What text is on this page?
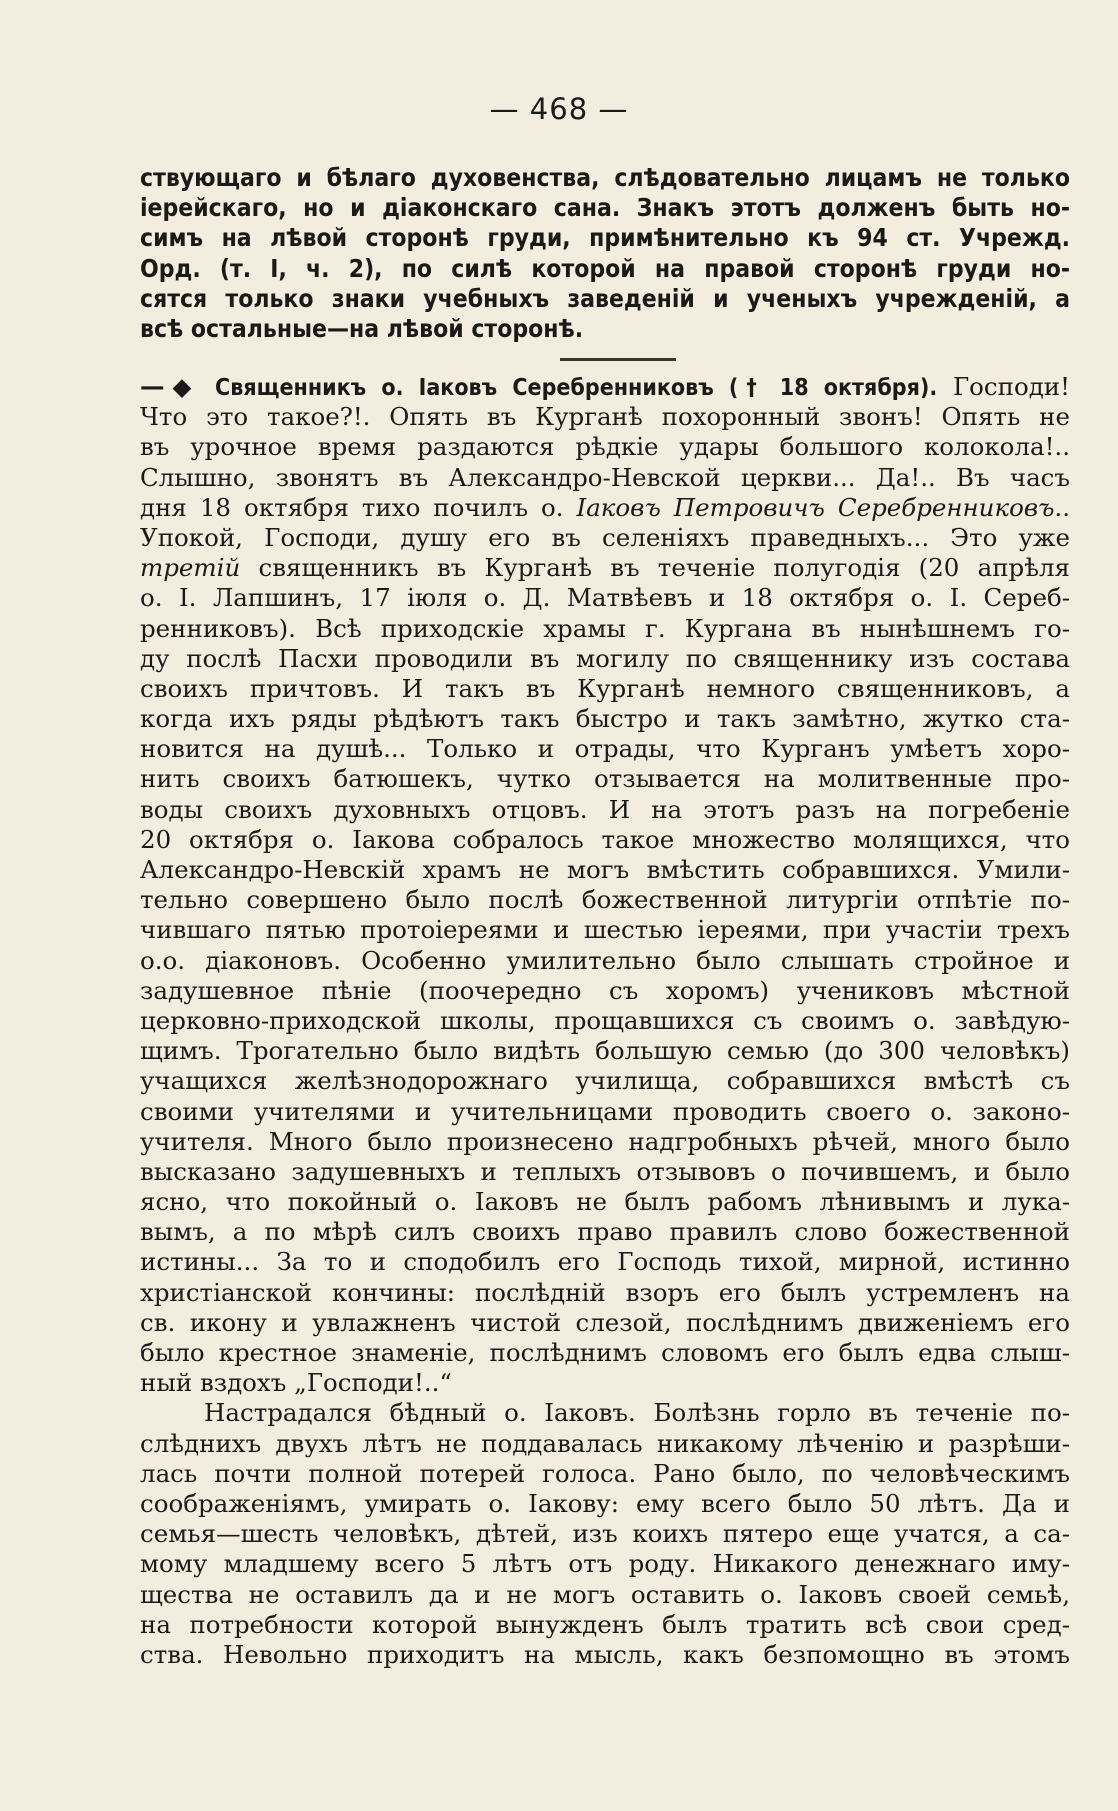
— 468 —
ствующаго и бѣлаго духовенства, слѣдовательно лицамъ не только
iерейскаго, но и дiаконскаго сана. Знакъ этотъ долженъ быть но-
симъ на лѣвой сторонѣ груди, примѣнительно къ 94 ст. Учрежд.
Орд. (т. I, ч. 2), по силѣ которой на правой сторонѣ груди но-
сятся только знаки учебныхъ заведенiй и ученыхъ учрежденiй, а
всѣ остальные—на лѣвой сторонѣ.
—◆ Священникъ о. Iаковъ Серебренниковъ († 18 октября). Господи!
Что это такое?!. Опять въ Курганѣ похоронный звонъ! Опять не
въ урочное время раздаются рѣдкiе удары большого колокола!..
Слышно, звонятъ въ Александро-Невской церкви... Да!.. Въ часъ
дня 18 октября тихо почилъ о. Iаковъ Петровичъ Серебренниковъ..
Упокой, Господи, душу его въ селенiяхъ праведныхъ... Это уже
третiй священникъ въ Курганѣ въ теченiе полугодiя (20 апрѣля
о. I. Лапшинъ, 17 iюля о. Д. Матвѣевъ и 18 октября о. I. Сереб-
ренниковъ). Всѣ приходскiе храмы г. Кургана въ нынѣшнемъ го-
ду послѣ Пасхи проводили въ могилу по священнику изъ состава
своихъ причтовъ. И такъ въ Курганѣ немного священниковъ, а
когда ихъ ряды рѣдѣютъ такъ быстро и такъ замѣтно, жутко ста-
новится на душѣ... Только и отрады, что Курганъ умѣетъ хоро-
нить своихъ батюшекъ, чутко отзывается на молитвенные про-
воды своихъ духовныхъ отцовъ. И на этотъ разъ на погребенiе
20 октября о. Iакова собралось такое множество молящихся, что
Александро-Невскiй храмъ не могъ вмѣстить собравшихся. Умили-
тельно совершено было послѣ божественной литургiи отпѣтiе по-
чившаго пятью протоiереями и шестью iереями, при участiи трехъ
о.о. дiаконовъ. Особенно умилительно было слышать стройное и
задушевное пѣнiе (поочередно съ хоромъ) учениковъ мѣстной
церковно-приходской школы, прощавшихся съ своимъ о. завѣдую-
щимъ. Трогательно было видѣть большую семью (до 300 человѣкъ)
учащихся желѣзнодорожнаго училища, собравшихся вмѣстѣ съ
своими учителями и учительницами проводить своего о. законо-
учителя. Много было произнесено надгробныхъ рѣчей, много было
высказано задушевныхъ и теплыхъ отзывовъ о почившемъ, и было
ясно, что покойный о. Iаковъ не былъ рабомъ лѣнивымъ и лука-
вымъ, а по мѣрѣ силъ своихъ право правилъ слово божественной
истины... За то и сподобилъ его Господь тихой, мирной, истинно
христiанской кончины: послѣднiй взоръ его былъ устремленъ на
св. икону и увлажненъ чистой слезой, послѣднимъ движенiемъ его
было крестное знаменiе, послѣднимъ словомъ его былъ едва слыш-
ный вздохъ „Господи!..“
Настрадался бѣдный о. Iаковъ. Болѣзнь горло въ теченiе по-
слѣднихъ двухъ лѣтъ не поддавалась никакому лѣченiю и разрѣши-
лась почти полной потерей голоса. Рано было, по человѣческимъ
соображенiямъ, умирать о. Iакову: ему всего было 50 лѣтъ. Да и
семья—шесть человѣкъ, дѣтей, изъ коихъ пятеро еще учатся, а са-
мому младшему всего 5 лѣтъ отъ роду. Никакого денежнаго иму-
щества не оставилъ да и не могъ оставить о. Iаковъ своей семьѣ,
на потребности которой вынужденъ былъ тратить всѣ свои сред-
ства. Невольно приходитъ на мысль, какъ безпомощно въ этомъ
